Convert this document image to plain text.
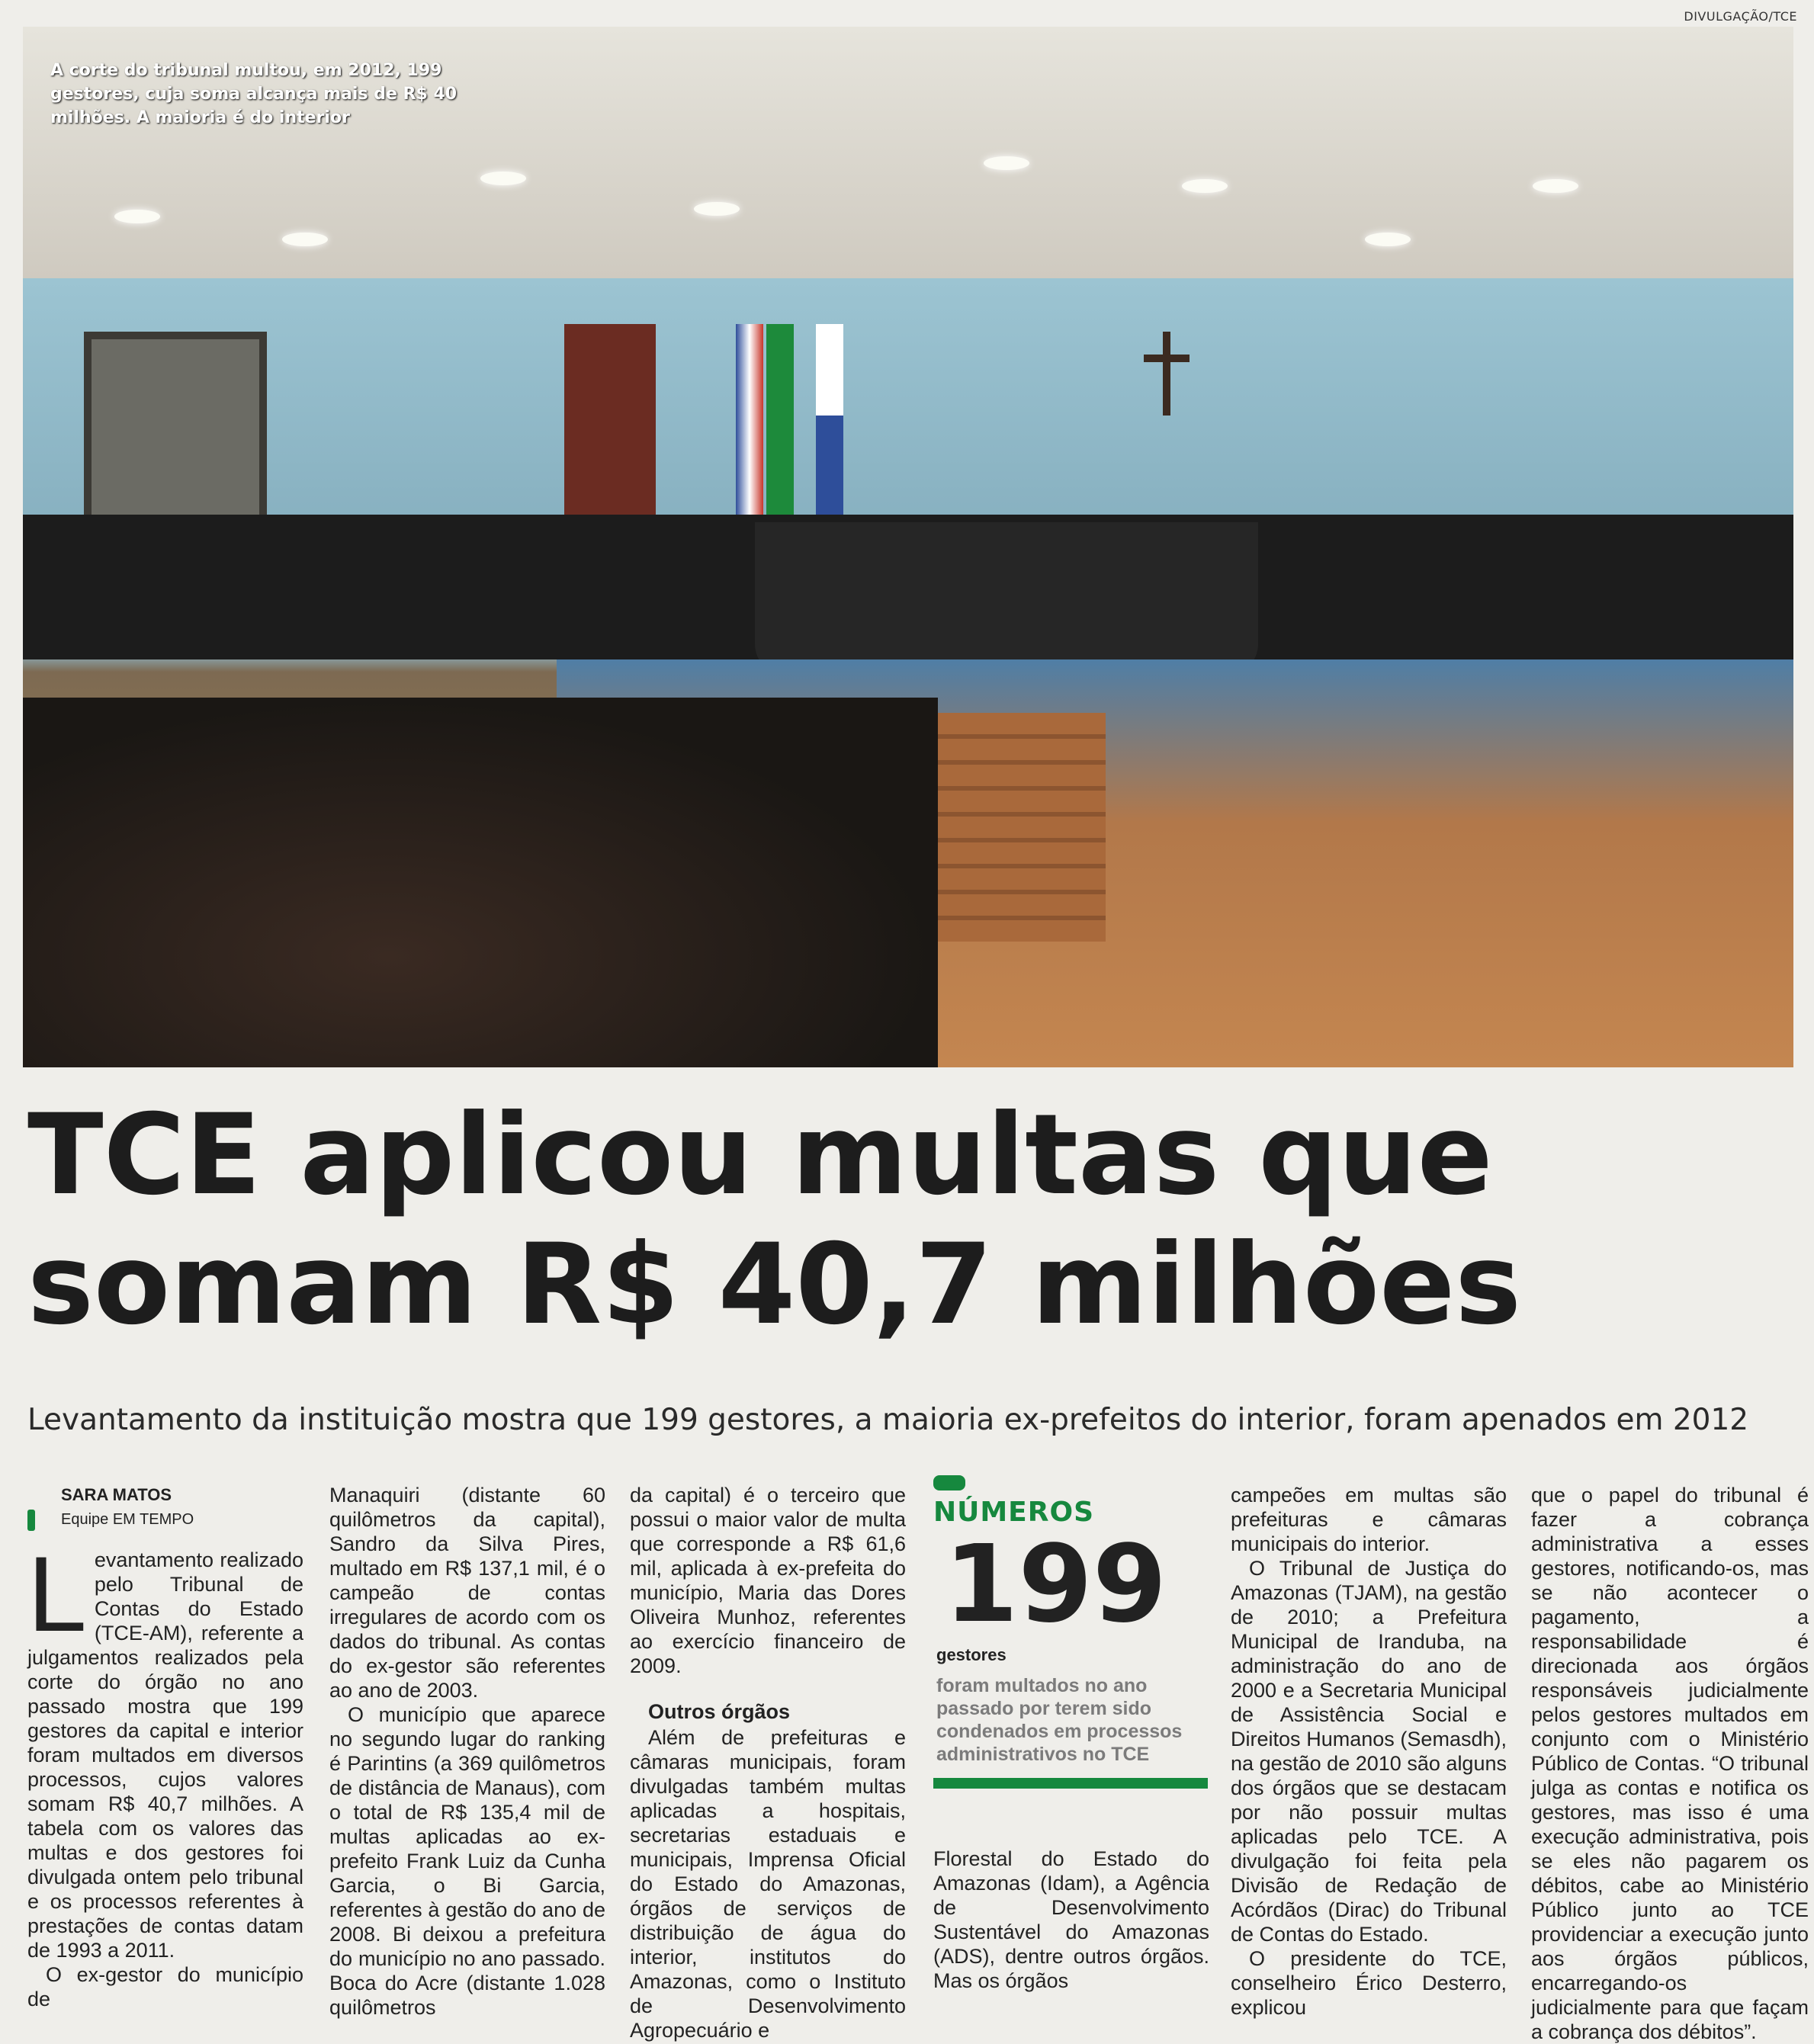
DIVULGAÇÃO/TCE
A corte do tribunal multou, em 2012, 199 gestores, cuja soma alcança mais de R$ 40 milhões. A maioria é do interior
TCE aplicou multas que
somam R$ 40,7 milhões
Levantamento da instituição mostra que 199 gestores, a maioria ex-prefeitos do interior, foram apenados em 2012
SARA MATOS
Equipe EM TEMPO
L evantamento realizado pelo Tribunal de Contas do Estado (TCE-AM), referente a julgamentos realizados pela corte do órgão no ano passado mostra que 199 gestores da capital e interior foram multados em diversos processos, cujos valores somam R$ 40,7 milhões. A tabela com os valores das multas e dos gestores foi divulgada ontem pelo tribunal e os processos referentes à prestações de contas datam de 1993 a 2011.

O ex-gestor do município de

Manaquiri (distante 60 quilômetros da capital), Sandro da Silva Pires, multado em R$ 137,1 mil, é o campeão de contas irregulares de acordo com os dados do tribunal. As contas do ex-gestor são referentes ao ano de 2003.

O município que aparece no segundo lugar do ranking é Parintins (a 369 quilômetros de distância de Manaus), com o total de R$ 135,4 mil de multas aplicadas ao ex-prefeito Frank Luiz da Cunha Garcia, o Bi Garcia, referentes à gestão do ano de 2008. Bi deixou a prefeitura do município no ano passado. Boca do Acre (distante 1.028 quilômetros

da capital) é o terceiro que possui o maior valor de multa que corresponde a R$ 61,6 mil, aplicada à ex-prefeita do município, Maria das Dores Oliveira Munhoz, referentes ao exercício financeiro de 2009.

Outros órgãos

Além de prefeituras e câmaras municipais, foram divulgadas também multas aplicadas a hospitais, secretarias estaduais e municipais, Imprensa Oficial do Estado do Amazonas, órgãos de serviços de distribuição de água do interior, institutos do Amazonas, como o Instituto de Desenvolvimento Agropecuário e

NÚMEROS
199
gestores
foram multados no ano passado por terem sido condenados em processos administrativos no TCE

Florestal do Estado do Amazonas (Idam), a Agência de Desenvolvimento Sustentável do Amazonas (ADS), dentre outros órgãos. Mas os órgãos

campeões em multas são prefeituras e câmaras municipais do interior.

O Tribunal de Justiça do Amazonas (TJAM), na gestão de 2010; a Prefeitura Municipal de Iranduba, na administração do ano de 2000 e a Secretaria Municipal de Assistência Social e Direitos Humanos (Semasdh), na gestão de 2010 são alguns dos órgãos que se destacam por não possuir multas aplicadas pelo TCE. A divulgação foi feita pela Divisão de Redação de Acórdãos (Dirac) do Tribunal de Contas do Estado.

O presidente do TCE, conselheiro Érico Desterro, explicou

que o papel do tribunal é fazer a cobrança administrativa a esses gestores, notificando-os, mas se não acontecer o pagamento, a responsabilidade é direcionada aos órgãos responsáveis judicialmente pelos gestores multados em conjunto com o Ministério Público de Contas. “O tribunal julga as contas e notifica os gestores, mas isso é uma execução administrativa, pois se eles não pagarem os débitos, cabe ao Ministério Público junto ao TCE providenciar a execução junto aos órgãos públicos, encarregando-os judicialmente para que façam a cobrança dos débitos”.
